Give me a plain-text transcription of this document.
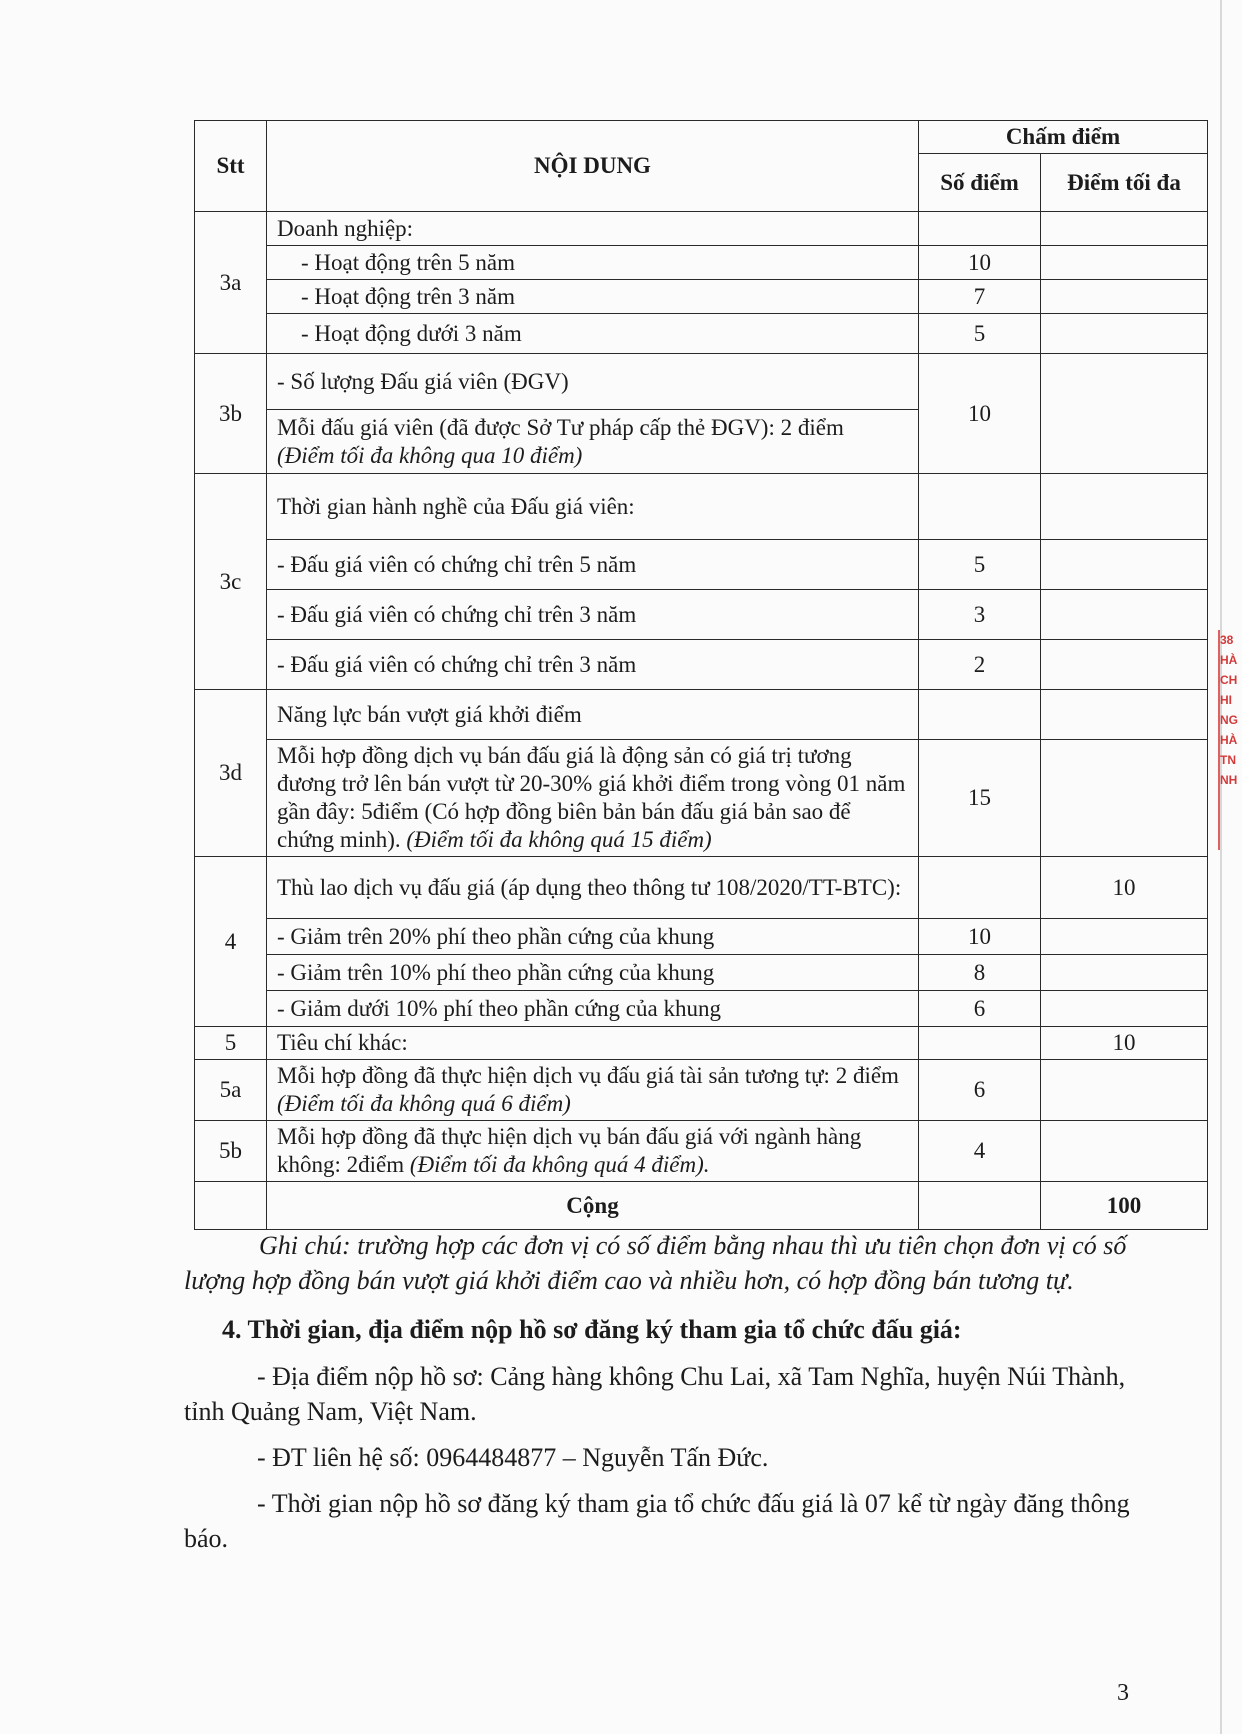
Stt	NỘI DUNG	Chấm điểm	
		Số điểm	Điểm tối đa
3a	Doanh nghiệp:		
	- Hoạt động trên 5 năm	10	
	- Hoạt động trên 3 năm	7	
	- Hoạt động dưới 3 năm	5	
3b	- Số lượng Đấu giá viên (ĐGV)	10	
	Mỗi đấu giá viên (đã được Sở Tư pháp cấp thẻ ĐGV): 2 điểm
(Điểm tối đa không qua 10 điểm)		
3c	Thời gian hành nghề của Đấu giá viên:		
	- Đấu giá viên có chứng chỉ trên 5 năm	5	
	- Đấu giá viên có chứng chỉ trên 3 năm	3	
	- Đấu giá viên có chứng chỉ trên 3 năm	2	
3d	Năng lực bán vượt giá khởi điểm		
	Mỗi hợp đồng dịch vụ bán đấu giá là động sản có giá trị tương đương trở lên bán vượt từ 20-30% giá khởi điểm trong vòng 01 năm gần đây: 5điểm (Có hợp đồng biên bản bán đấu giá bản sao để chứng minh). (Điểm tối đa không quá 15 điểm)	15	
4	Thù lao dịch vụ đấu giá (áp dụng theo thông tư 108/2020/TT-BTC):		10
	- Giảm trên 20% phí theo phần cứng của khung	10	
	- Giảm trên 10% phí theo phần cứng của khung	8	
	- Giảm dưới 10% phí theo phần cứng của khung	6	
5	Tiêu chí khác:		10
5a	Mỗi hợp đồng đã thực hiện dịch vụ đấu giá tài sản tương tự: 2 điểm (Điểm tối đa không quá 6 điểm)	6	
5b	Mỗi hợp đồng đã thực hiện dịch vụ bán đấu giá với ngành hàng không: 2điểm (Điểm tối đa không quá 4 điểm).	4	
	Cộng		100

Ghi chú: trường hợp các đơn vị có số điểm bằng nhau thì ưu tiên chọn đơn vị có số lượng hợp đồng bán vượt giá khởi điểm cao và nhiều hơn, có hợp đồng bán tương tự.

4. Thời gian, địa điểm nộp hồ sơ đăng ký tham gia tổ chức đấu giá:

- Địa điểm nộp hồ sơ: Cảng hàng không Chu Lai, xã Tam Nghĩa, huyện Núi Thành, tỉnh Quảng Nam, Việt Nam.

- ĐT liên hệ số: 0964484877 – Nguyễn Tấn Đức.

- Thời gian nộp hồ sơ đăng ký tham gia tổ chức đấu giá là 07 kể từ ngày đăng thông báo.

3
38
HÀ
CH
HI
NG
HÀ
TN
NH
